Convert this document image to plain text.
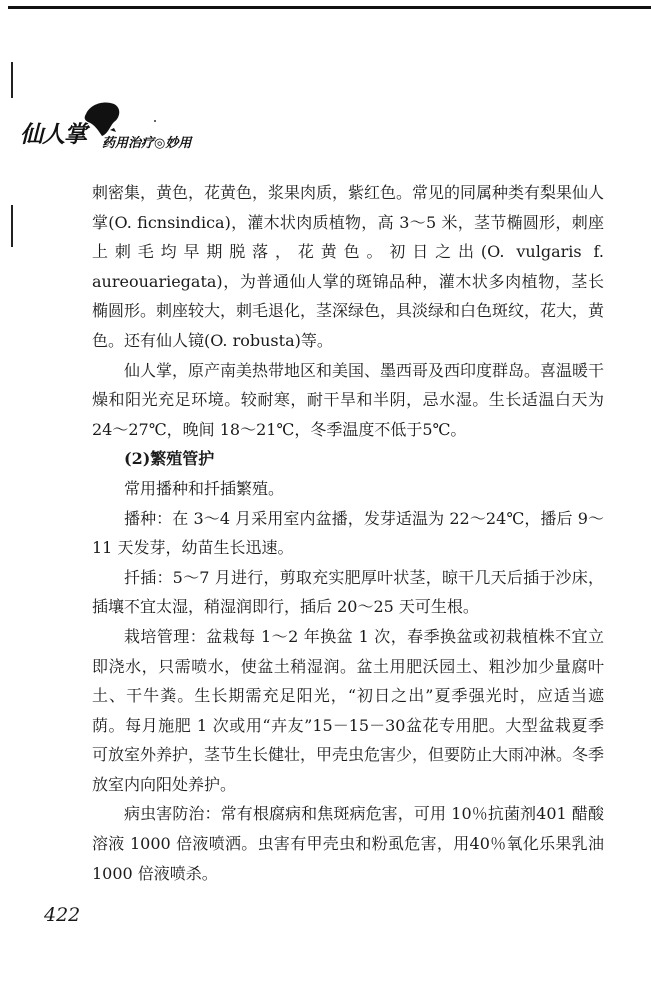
仙人掌 药用治疗◎妙用

刺密集，黄色，花黄色，浆果肉质，紫红色。常见的同属种类有梨果仙人掌(O. ficnsindica)，灌木状肉质植物，高 3～5 米，茎节椭圆形，刺座上刺毛均早期脱落，花黄色。初日之出(O. vulgaris f. aureouariegata)，为普通仙人掌的斑锦品种，灌木状多肉植物，茎长椭圆形。刺座较大，刺毛退化，茎深绿色，具淡绿和白色斑纹，花大，黄色。还有仙人镜(O. robusta)等。

仙人掌，原产南美热带地区和美国、墨西哥及西印度群岛。喜温暖干燥和阳光充足环境。较耐寒，耐干旱和半阴，忌水湿。生长适温白天为 24～27℃，晚间 18～21℃，冬季温度不低于5℃。

(2)繁殖管护

常用播种和扦插繁殖。

播种：在 3～4 月采用室内盆播，发芽适温为 22～24℃，播后 9～11 天发芽，幼苗生长迅速。

扦插：5～7 月进行，剪取充实肥厚叶状茎，晾干几天后插于沙床，插壤不宜太湿，稍湿润即行，插后 20～25 天可生根。

栽培管理：盆栽每 1～2 年换盆 1 次，春季换盆或初栽植株不宜立即浇水，只需喷水，使盆土稍湿润。盆土用肥沃园土、粗沙加少量腐叶土、干牛粪。生长期需充足阳光，“初日之出”夏季强光时，应适当遮荫。每月施肥 1 次或用“卉友”15－15－30盆花专用肥。大型盆栽夏季可放室外养护，茎节生长健壮，甲壳虫危害少，但要防止大雨冲淋。冬季放室内向阳处养护。

病虫害防治：常有根腐病和焦斑病危害，可用 10％抗菌剂401 醋酸溶液 1000 倍液喷洒。虫害有甲壳虫和粉虱危害，用40％氧化乐果乳油 1000 倍液喷杀。

422
